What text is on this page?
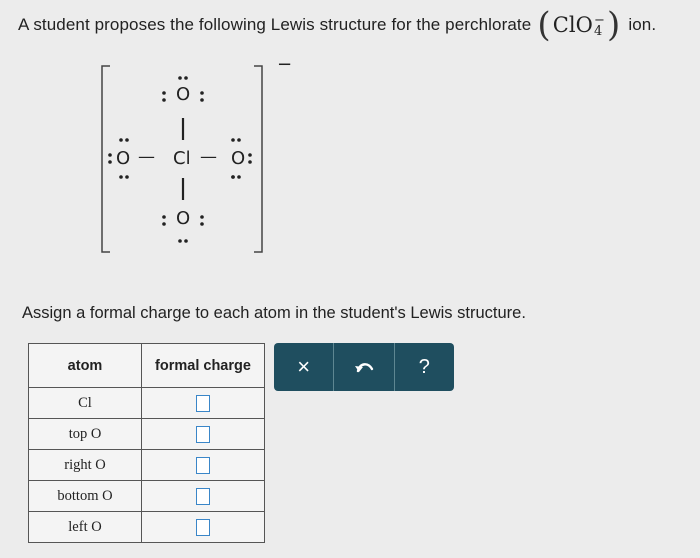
A student proposes the following Lewis structure for the perchlorate ( ClO −
4 ) ion.
−
O
O — Cl — O
O
Assign a formal charge to each atom in the student's Lewis structure.
atom	formal charge
Cl	
top O	
right O	
bottom O	
left O	
×	?
